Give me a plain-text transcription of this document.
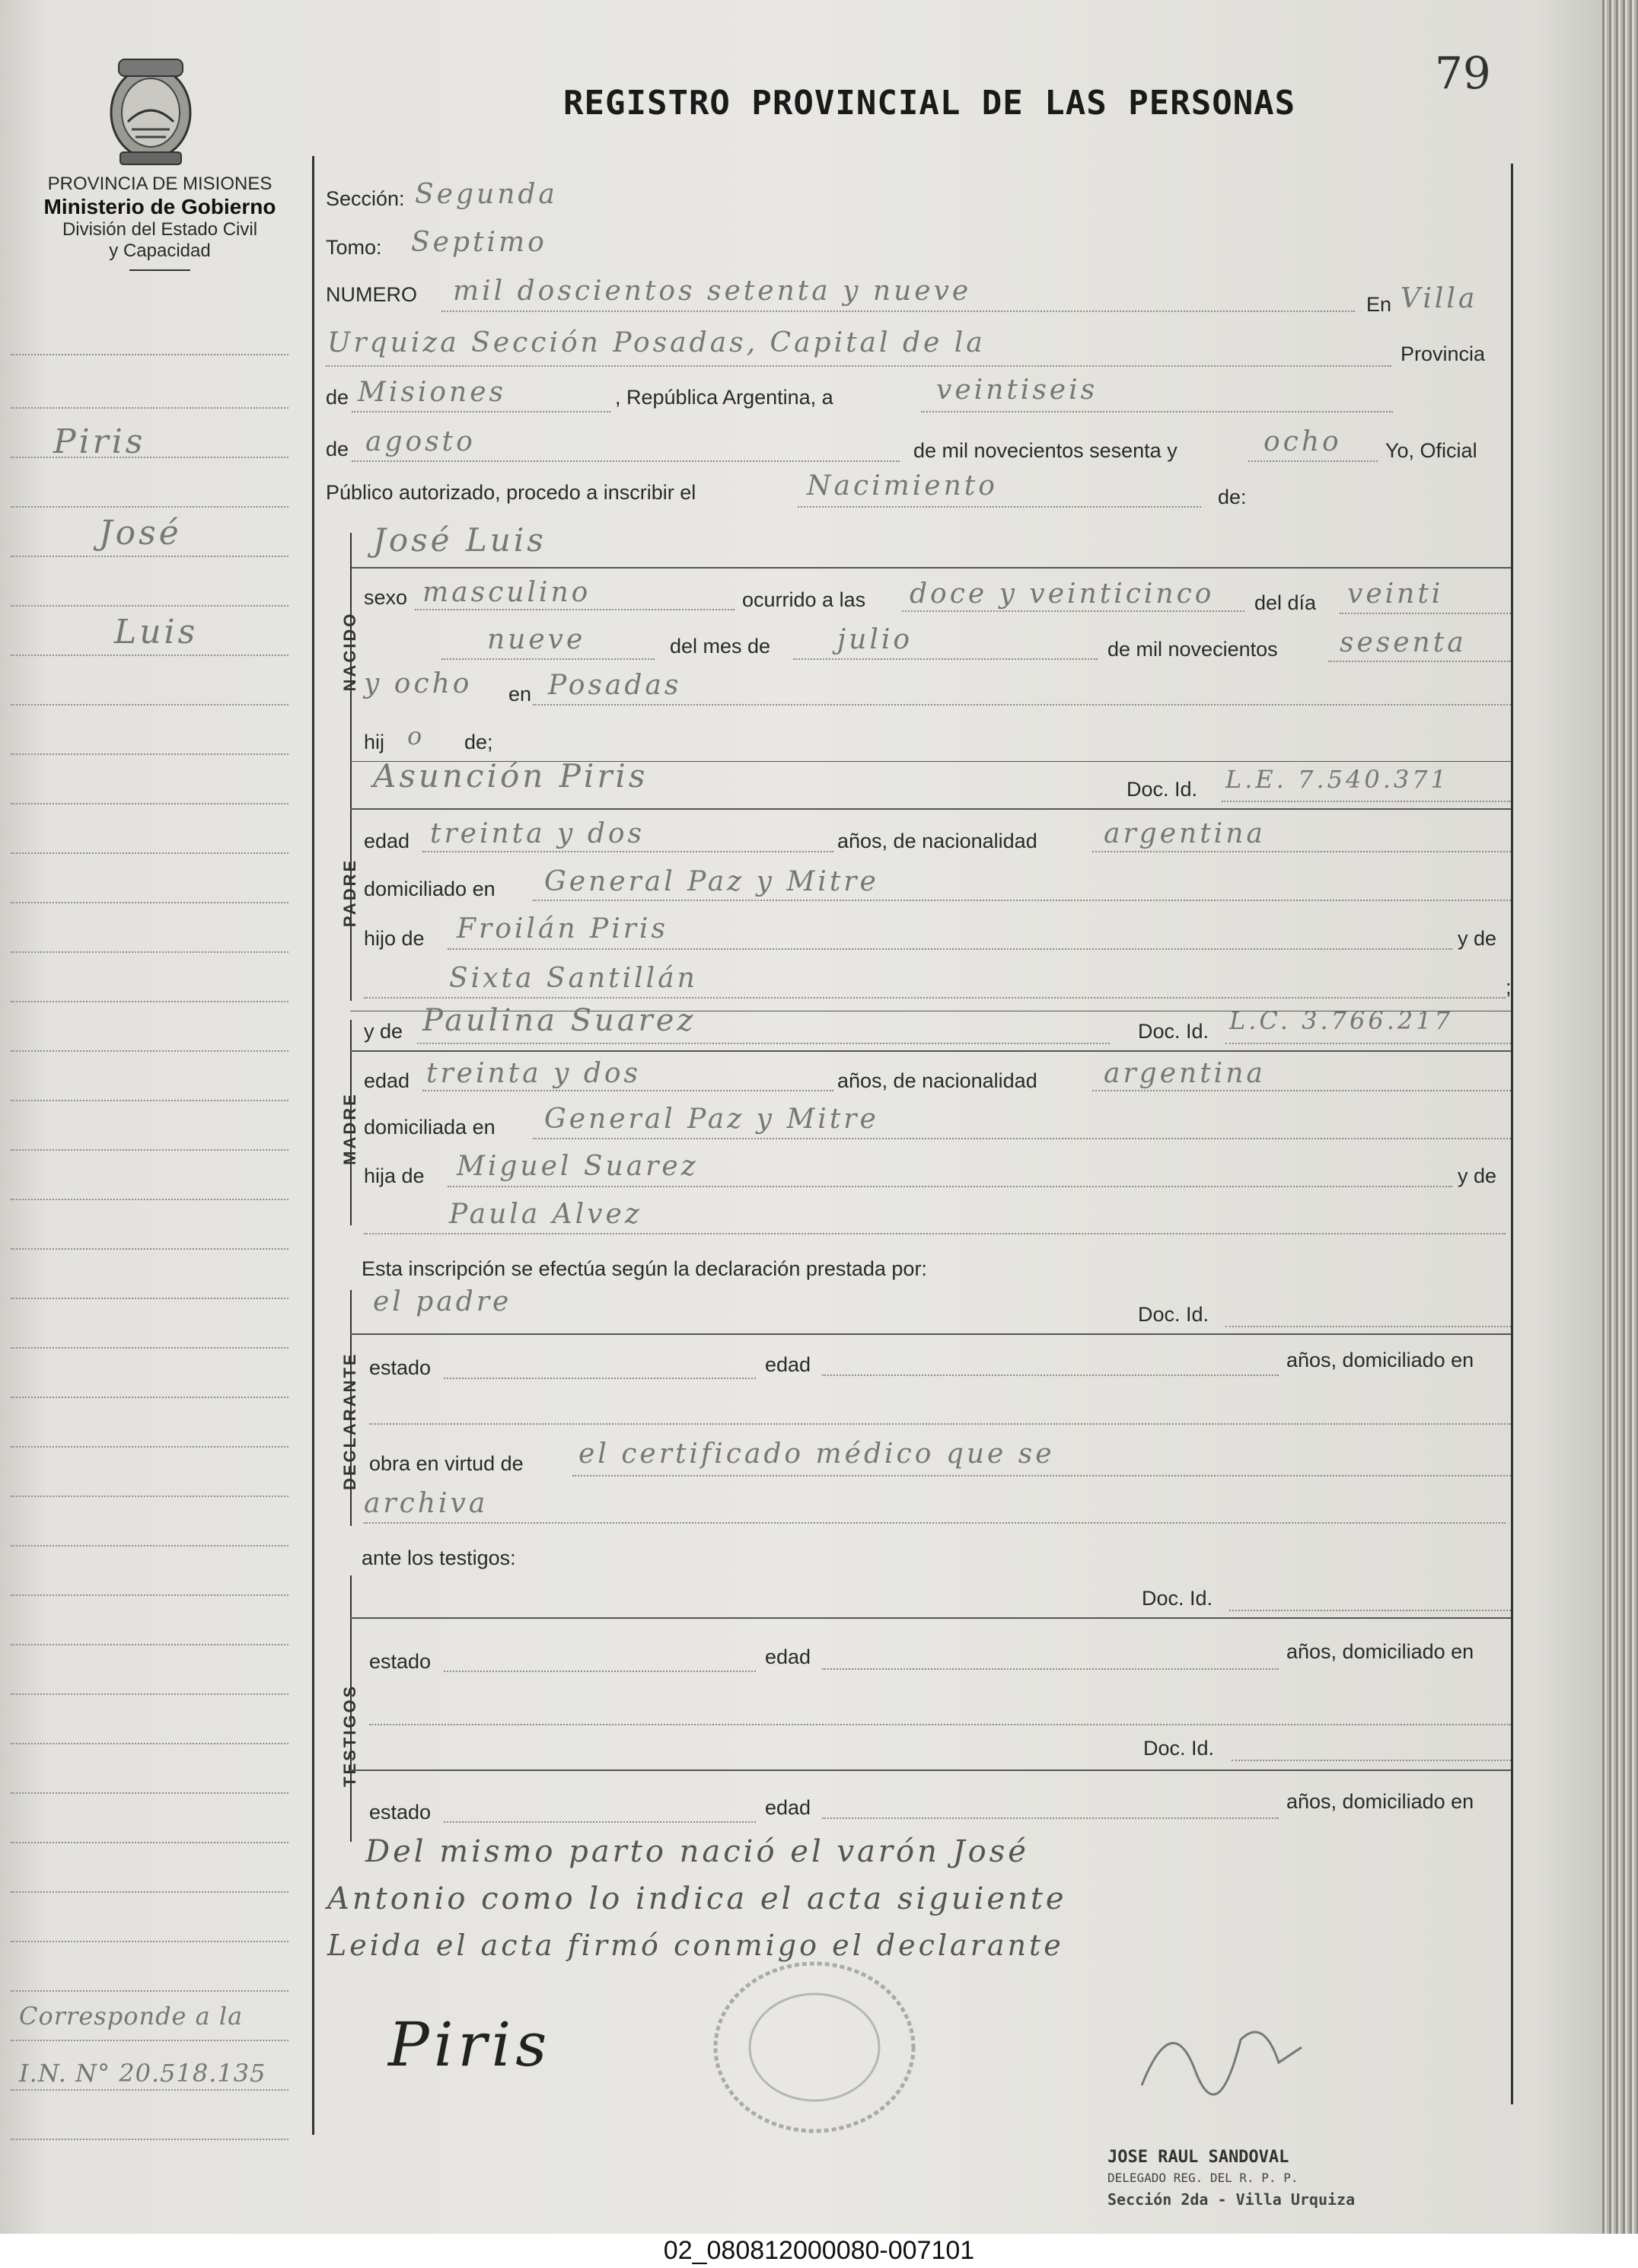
PROVINCIA DE MISIONES
Ministerio de Gobierno
División del Estado Civil
y Capacidad
REGISTRO PROVINCIAL DE LAS PERSONAS
79
Piris
José
Luis
Corresponde a la
I.N. N° 20.518.135
Sección: Segunda
Tomo: Septimo
NUMERO mil doscientos setenta y nueve	En Villa
Urquiza Sección Posadas, Capital de la	Provincia
de Misiones	, República Argentina, a	veintiseis
de agosto	de mil novecientos sesenta y	ocho Yo, Oficial
Público autorizado, procedo a inscribir el	Nacimiento	de:
José Luis
NACIDO
sexo masculino	ocurrido a las doce y veinticinco del día veinti
nueve	del mes de julio	de mil novecientos sesenta
y ocho en Posadas
hij o de;
PADRE
Asunción Piris	Doc. Id. L.E. 7.540.371
edad treinta y dos	años, de nacionalidad argentina
domiciliado en General Paz y Mitre
hijo de Froilán Piris	y de
Sixta Santillán	;
MADRE
y de Paulina Suarez	Doc. Id. L.C. 3.766.217
edad treinta y dos	años, de nacionalidad argentina
domiciliada en General Paz y Mitre
hija de Miguel Suarez	y de
Paula Alvez
Esta inscripción se efectúa según la declaración prestada por:
DECLARANTE
el padre	Doc. Id.
estado	edad	años, domiciliado en
obra en virtud de el certificado médico que se
archiva
ante los testigos:
TESTIGOS
Doc. Id.
estado	edad	años, domiciliado en
Doc. Id.
estado	edad	años, domiciliado en
Del mismo parto nació el varón José
Antonio como lo indica el acta siguiente
Leida el acta firmó conmigo el declarante
Piris
JOSE RAUL SANDOVAL
DELEGADO REG. DEL R. P. P.
Sección 2da - Villa Urquiza
02_080812000080-007101
